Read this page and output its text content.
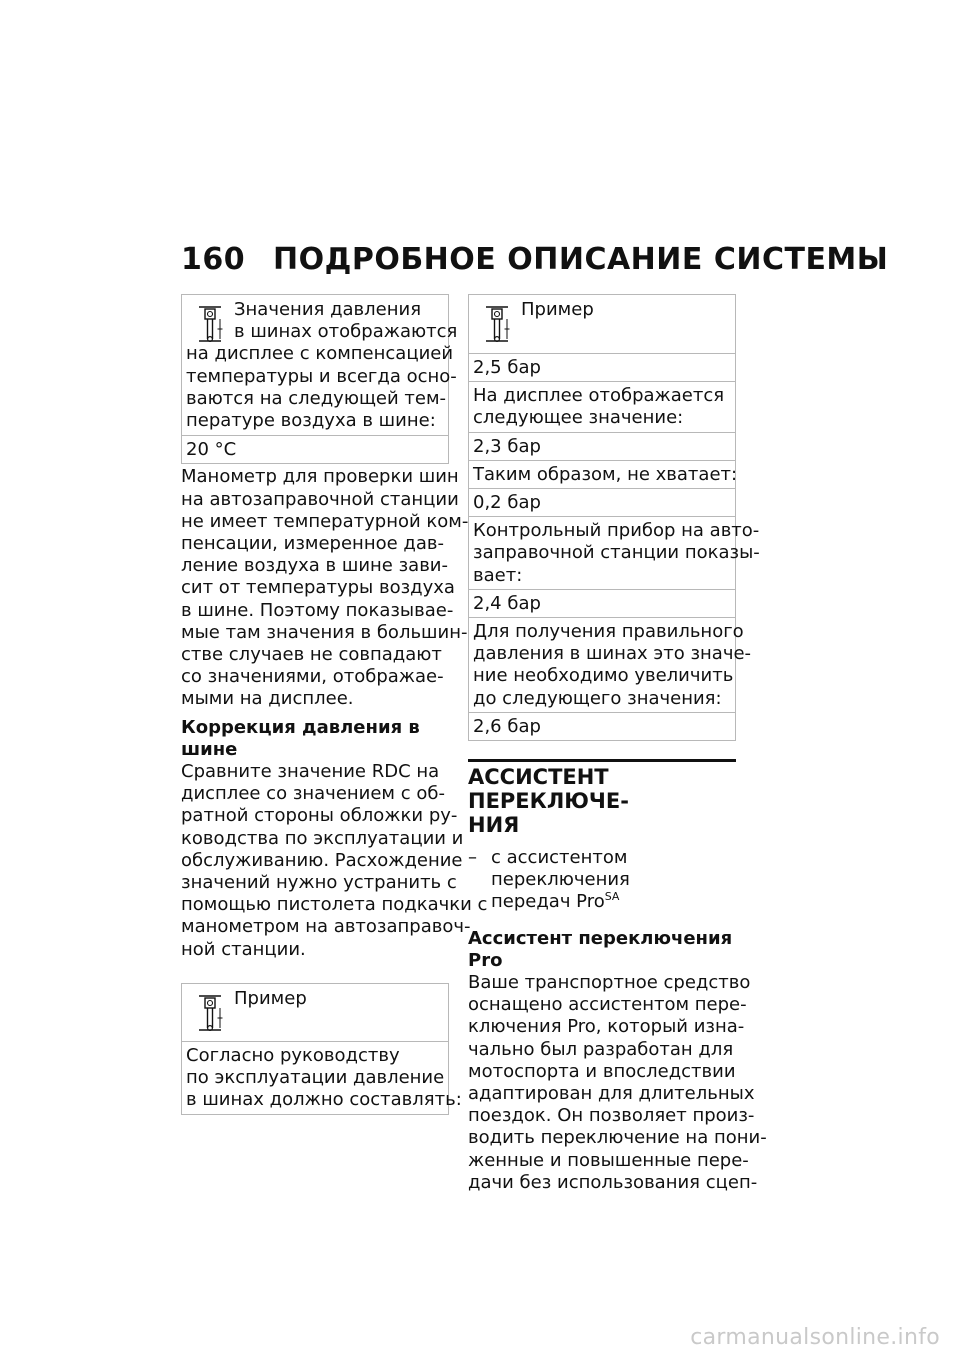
160 ПОДРОБНОЕ ОПИСАНИЕ СИСТЕМЫ
Значения давления
в шинах отображаются
на дисплее с компенсацией
температуры и всегда осно-
ваются на следующей тем-
пературе воздуха в шине:
20 °C
Манометр для проверки шин
на автозаправочной станции
не имеет температурной ком-
пенсации, измеренное дав-
ление воздуха в шине зави-
сит от температуры воздуха
в шине. Поэтому показывае-
мые там значения в большин-
стве случаев не совпадают
со значениями, отображае-
мыми на дисплее.
Коррекция давления в шине
Сравните значение RDC на
дисплее со значением с об-
ратной стороны обложки ру-
ководства по эксплуатации и
обслуживанию. Расхождение
значений нужно устранить с
помощью пистолета подкачки с
манометром на автозаправоч-
ной станции.
Пример
Согласно руководству
по эксплуатации давление
в шинах должно составлять:
Пример
2,5 бар
На дисплее отображается
следующее значение:
2,3 бар
Таким образом, не хватает:
0,2 бар
Контрольный прибор на авто-
заправочной станции показы-
вает:
2,4 бар
Для получения правильного
давления в шинах это значе-
ние необходимо увеличить
до следующего значения:
2,6 бар
АССИСТЕНТ ПЕРЕКЛЮЧЕ-
НИЯ
– с ассистентом переключения
передач Pro$^{SA}$
Ассистент переключения
Pro
Ваше транспортное средство
оснащено ассистентом пере-
ключения Pro, который изна-
чально был разработан для
мотоспорта и впоследствии
адаптирован для длительных
поездок. Он позволяет произ-
водить переключение на пони-
женные и повышенные пере-
дачи без использования сцеп-
carmanualsonline.info
